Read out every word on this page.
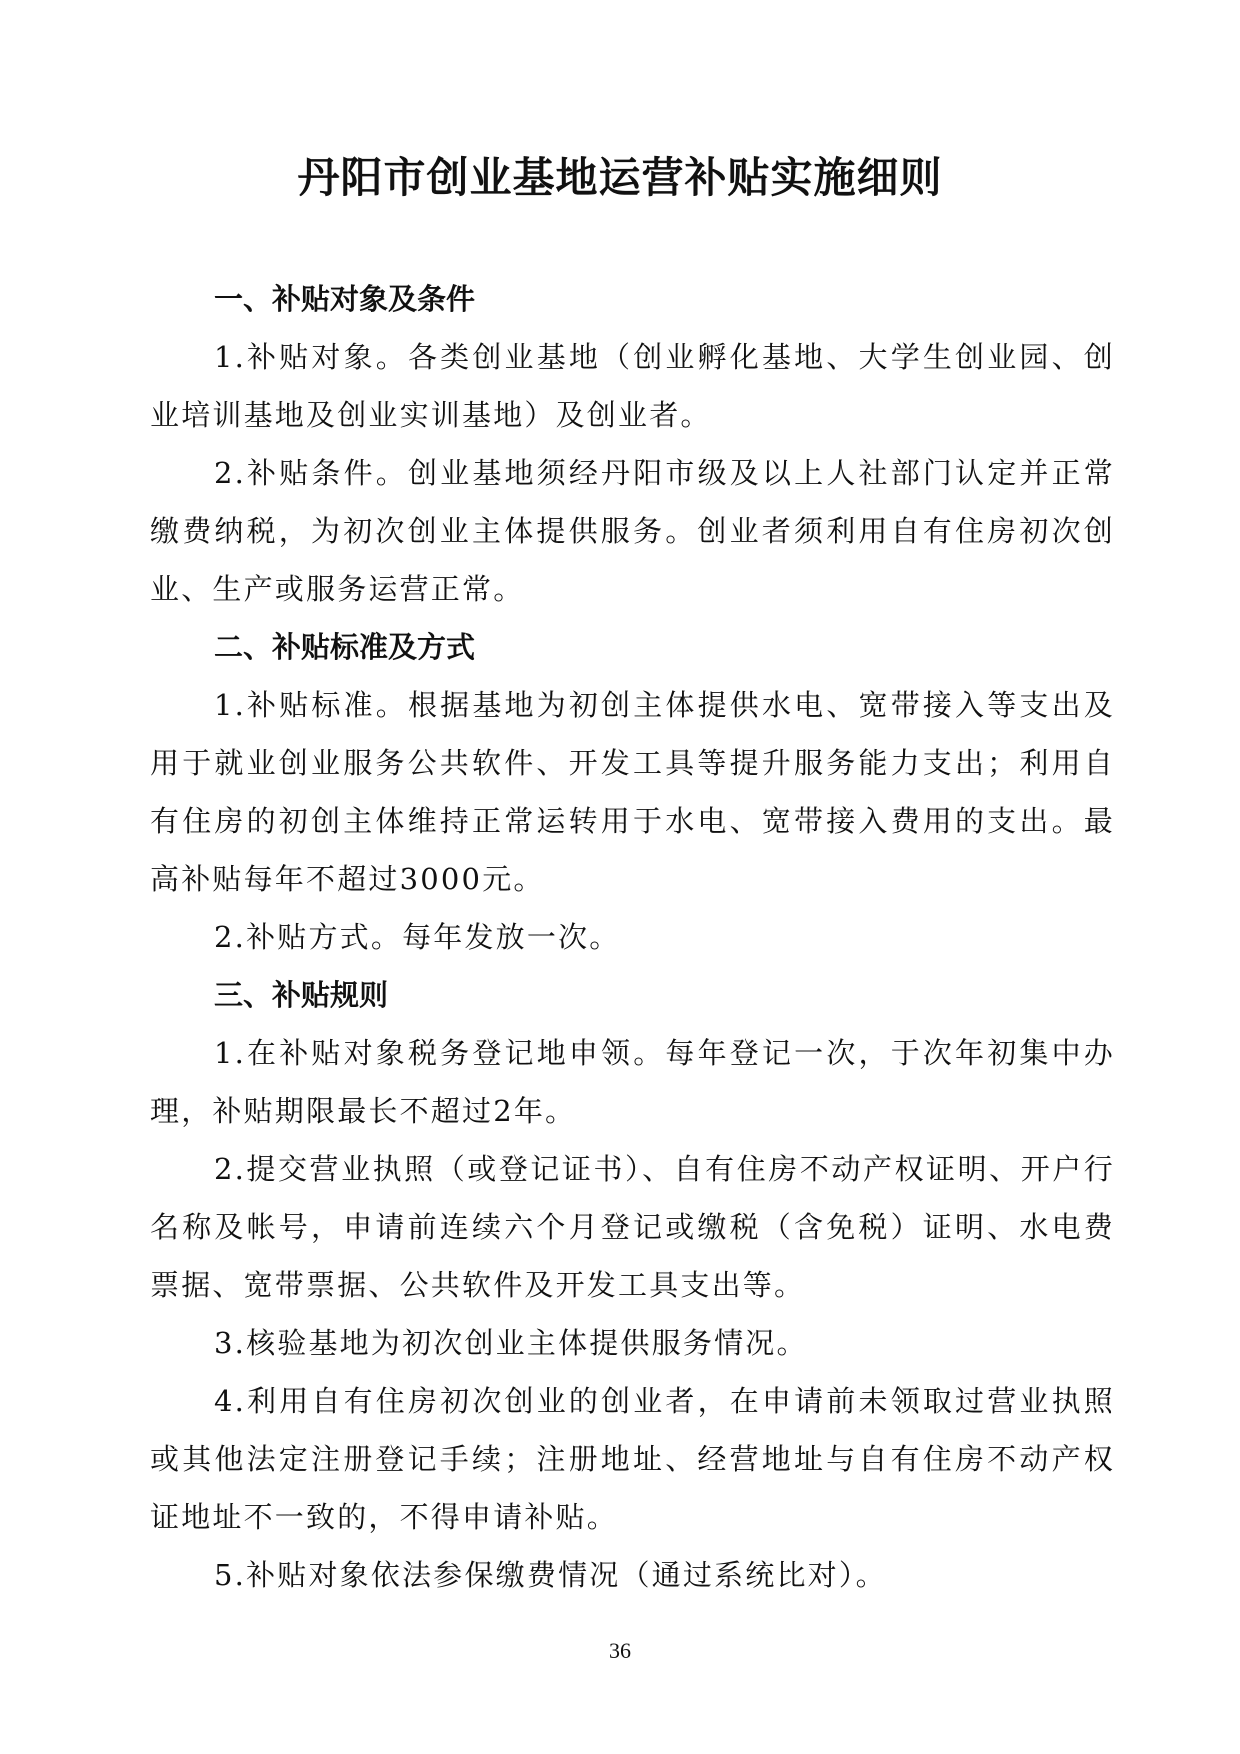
丹阳市创业基地运营补贴实施细则
一、补贴对象及条件

1.补贴对象。各类创业基地（创业孵化基地、大学生创业园、创业培训基地及创业实训基地）及创业者。

2.补贴条件。创业基地须经丹阳市级及以上人社部门认定并正常缴费纳税，为初次创业主体提供服务。创业者须利用自有住房初次创业、生产或服务运营正常。

二、补贴标准及方式

1.补贴标准。根据基地为初创主体提供水电、宽带接入等支出及用于就业创业服务公共软件、开发工具等提升服务能力支出；利用自有住房的初创主体维持正常运转用于水电、宽带接入费用的支出。最高补贴每年不超过3000元。

2.补贴方式。每年发放一次。

三、补贴规则

1.在补贴对象税务登记地申领。每年登记一次，于次年初集中办理，补贴期限最长不超过2年。

2.提交营业执照（或登记证书）、自有住房不动产权证明、开户行名称及帐号，申请前连续六个月登记或缴税（含免税）证明、水电费票据、宽带票据、公共软件及开发工具支出等。

3.核验基地为初次创业主体提供服务情况。

4.利用自有住房初次创业的创业者，在申请前未领取过营业执照或其他法定注册登记手续；注册地址、经营地址与自有住房不动产权证地址不一致的，不得申请补贴。

5.补贴对象依法参保缴费情况（通过系统比对）。

36
